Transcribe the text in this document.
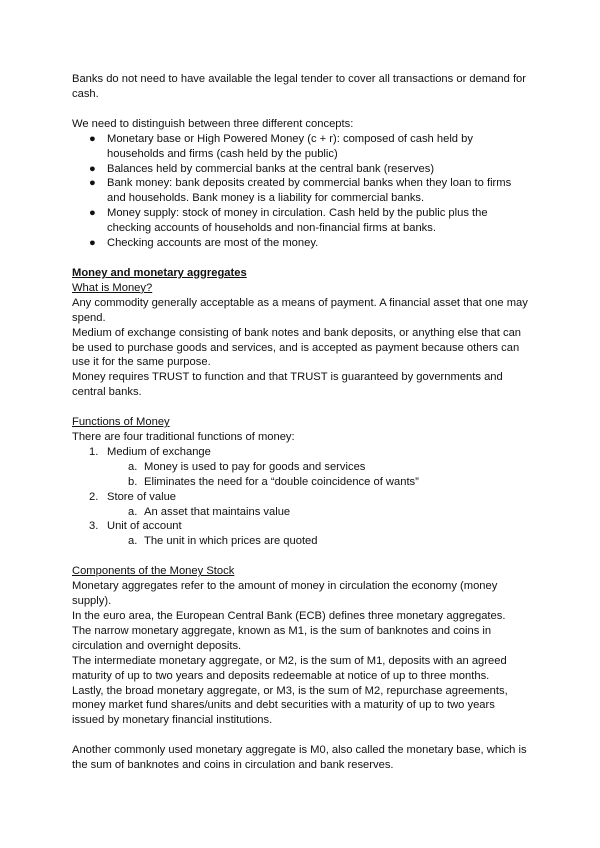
Banks do not need to have available the legal tender to cover all transactions or demand for cash.

We need to distinguish between three different concepts:

● Monetary base or High Powered Money (c + r): composed of cash held by households and firms (cash held by the public)
● Balances held by commercial banks at the central bank (reserves)
● Bank money: bank deposits created by commercial banks when they loan to firms and households. Bank money is a liability for commercial banks.
● Money supply: stock of money in circulation. Cash held by the public plus the checking accounts of households and non-financial firms at banks.
● Checking accounts are most of the money.

Money and monetary aggregates

What is Money?

Any commodity generally acceptable as a means of payment. A financial asset that one may spend.

Medium of exchange consisting of bank notes and bank deposits, or anything else that can be used to purchase goods and services, and is accepted as payment because others can use it for the same purpose.

Money requires TRUST to function and that TRUST is guaranteed by governments and central banks.

Functions of Money

There are four traditional functions of money:

1. Medium of exchange
a. Money is used to pay for goods and services
b. Eliminates the need for a “double coincidence of wants”
2. Store of value
a. An asset that maintains value
3. Unit of account
a. The unit in which prices are quoted

Components of the Money Stock

Monetary aggregates refer to the amount of money in circulation the economy (money supply).

In the euro area, the European Central Bank (ECB) defines three monetary aggregates.

The narrow monetary aggregate, known as M1, is the sum of banknotes and coins in circulation and overnight deposits.

The intermediate monetary aggregate, or M2, is the sum of M1, deposits with an agreed maturity of up to two years and deposits redeemable at notice of up to three months.

Lastly, the broad monetary aggregate, or M3, is the sum of M2, repurchase agreements, money market fund shares/units and debt securities with a maturity of up to two years issued by monetary financial institutions.

Another commonly used monetary aggregate is M0, also called the monetary base, which is the sum of banknotes and coins in circulation and bank reserves.
